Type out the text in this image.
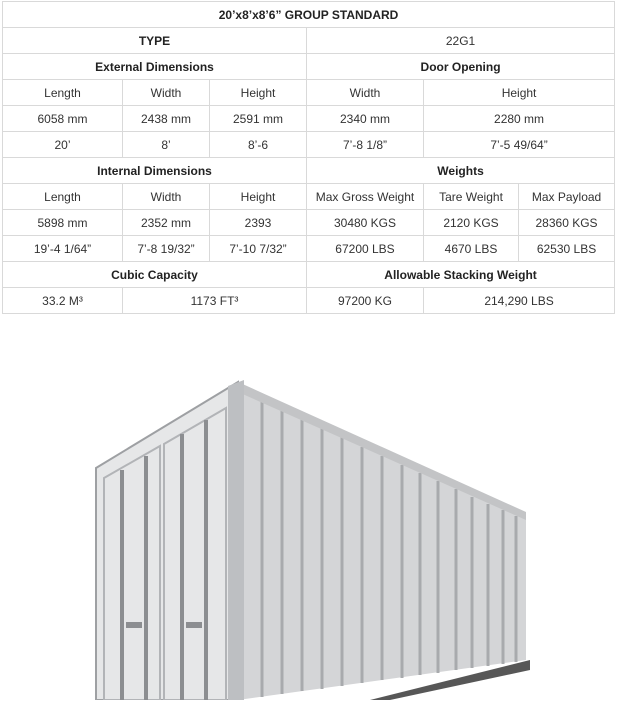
20’x8’x8’6” GROUP STANDARD					
TYPE			22G1		
External Dimensions			Door Opening		
Length	Width	Height	Width	Height	
6058 mm	2438 mm	2591 mm	2340 mm	2280 mm	
20’	8’	8’-6	7’-8 1/8”	7’-5 49/64”	
Internal Dimensions			Weights		
Length	Width	Height	Max Gross Weight	Tare Weight	Max Payload
5898 mm	2352 mm	2393	30480 KGS	2120 KGS	28360 KGS
19’-4 1/64”	7’-8 19/32”	7’-10 7/32”	67200 LBS	4670 LBS	62530 LBS
Cubic Capacity			Allowable Stacking Weight		
33.2 M³	1173 FT³		97200 KG	214,290 LBS	
